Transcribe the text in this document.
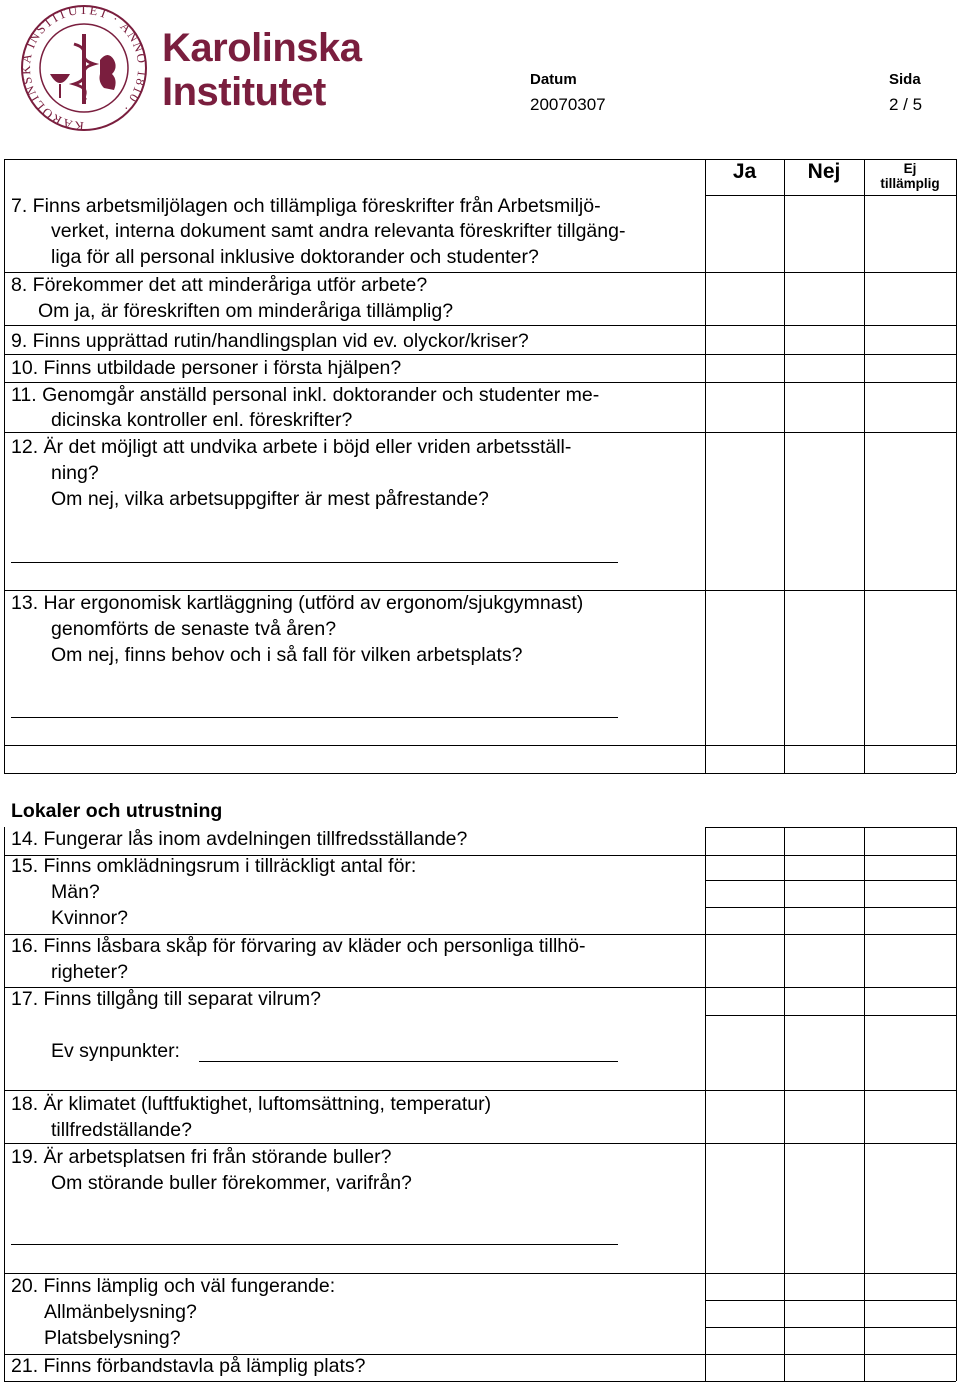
KAROLINSKA INSTITUTET · ANNO 1810 ·
Karolinska
Institutet	Datum
20070307
Sida
2 / 5
Ja	Nej	Ej
tillämplig
7. Finns arbetsmiljölagen och tillämpliga föreskrifter från Arbetsmiljö-
verket, interna dokument samt andra relevanta föreskrifter tillgäng-
liga för all personal inklusive doktorander och studenter?
8. Förekommer det att minderåriga utför arbete?
Om ja, är föreskriften om minderåriga tillämplig?
9. Finns upprättad rutin/handlingsplan vid ev. olyckor/kriser?
10. Finns utbildade personer i första hjälpen?
11. Genomgår anställd personal inkl. doktorander och studenter me-
dicinska kontroller enl. föreskrifter?
12. Är det möjligt att undvika arbete i böjd eller vriden arbetsställ-
ning?
Om nej, vilka arbetsuppgifter är mest påfrestande?
13. Har ergonomisk kartläggning (utförd av ergonom/sjukgymnast)
genomförts de senaste två åren?
Om nej, finns behov och i så fall för vilken arbetsplats?
Lokaler och utrustning
14. Fungerar lås inom avdelningen tillfredsställande?
15. Finns omklädningsrum i tillräckligt antal för:
Män?
Kvinnor?
16. Finns låsbara skåp för förvaring av kläder och personliga tillhö-
righeter?
17. Finns tillgång till separat vilrum?
Ev synpunkter:
18. Är klimatet (luftfuktighet, luftomsättning, temperatur)
tillfredställande?
19. Är arbetsplatsen fri från störande buller?
Om störande buller förekommer, varifrån?
20. Finns lämplig och väl fungerande:
Allmänbelysning?
Platsbelysning?
21. Finns förbandstavla på lämplig plats?
